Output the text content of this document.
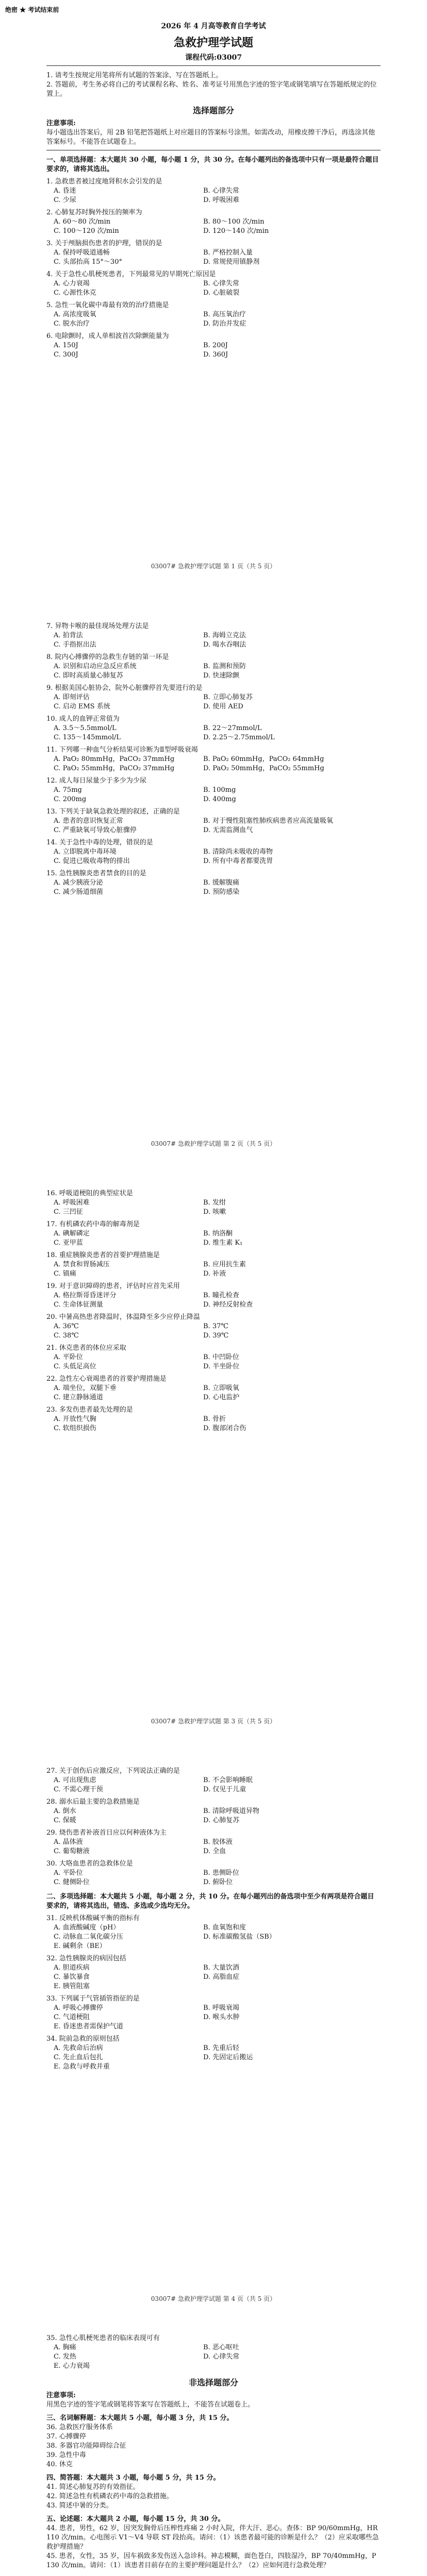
绝密 ★ 考试结束前
2026 年 4 月高等教育自学考试
急救护理学试题
课程代码:03007

1. 请考生按规定用笔将所有试题的答案涂、写在答题纸上。

2. 答题前，考生务必将自己的考试课程名称、姓名、准考证号用黑色字迹的签字笔或钢笔填写在答题纸规定的位置上。

选择题部分

注意事项:

每小题选出答案后，用 2B 铅笔把答题纸上对应题目的答案标号涂黑。如需改动，用橡皮擦干净后，再选涂其他答案标号。不能答在试题卷上。

一、单项选择题：本大题共 30 小题，每小题 1 分，共 30 分。在每小题列出的备选项中只有一项是最符合题目要求的，请将其选出。

1. 急救患者被过度地肾积水会引发的是

A. 昏迷	B. 心律失常
C. 少尿	D. 呼吸困难

2. 心肺复苏时胸外按压的频率为

A. 60～80 次/min	B. 80～100 次/min
C. 100～120 次/min	D. 120～140 次/min

3. 关于颅脑损伤患者的护理，错误的是

A. 保持呼吸道通畅	B. 严格控制入量
C. 头部抬高 15°～30°	D. 常规使用镇静剂

4. 关于急性心肌梗死患者，下列最常见的早期死亡原因是

A. 心力衰竭	B. 心律失常
C. 心源性休克	D. 心脏破裂

5. 急性一氧化碳中毒最有效的治疗措施是

A. 高浓度吸氧	B. 高压氧治疗
C. 脱水治疗	D. 防治并发症

6. 电除颤时，成人单相波首次除颤能量为

A. 150J	B. 200J
C. 300J	D. 360J
03007# 急救护理学试题 第 1 页（共 5 页）

7. 异物卡喉的最佳现场处理方法是

A. 拍背法	B. 海姆立克法
C. 手指抠出法	D. 喝水吞咽法

8. 院内心搏骤停的急救生存链的第一环是

A. 识别和启动应急反应系统	B. 监测和预防
C. 即时高质量心肺复苏	D. 快速除颤

9. 根据美国心脏协会，院外心脏骤停首先要进行的是

A. 即刻评估	B. 立即心肺复苏
C. 启动 EMS 系统	D. 使用 AED

10. 成人的血钾正常值为

A. 3.5～5.5mmol/L	B. 22～27mmol/L
C. 135～145mmol/L	D. 2.25～2.75mmol/L

11. 下列哪一种血气分析结果可诊断为Ⅱ型呼吸衰竭

A. PaO₂ 80mmHg，PaCO₂ 37mmHg	B. PaO₂ 60mmHg，PaCO₂ 64mmHg
C. PaO₂ 55mmHg，PaCO₂ 37mmHg	D. PaO₂ 50mmHg，PaCO₂ 55mmHg

12. 成人每日尿量少于多少为少尿

A. 75mg	B. 100mg
C. 200mg	D. 400mg

13. 下列关于缺氧急救处理的叙述，正确的是

A. 患者的意识恢复正常	B. 对于慢性阻塞性肺疾病患者应高流量吸氧
C. 严重缺氧可导致心脏骤停	D. 无需监测血气

14. 关于急性中毒的处理，错误的是

A. 立即脱离中毒环境	B. 清除尚未吸收的毒物
C. 促进已吸收毒物的排出	D. 所有中毒者都要洗胃

15. 急性胰腺炎患者禁食的目的是

A. 减少胰液分泌	B. 缓解腹痛
C. 减少肠道细菌	D. 预防感染
03007# 急救护理学试题 第 2 页（共 5 页）

16. 呼吸道梗阻的典型症状是

A. 呼吸困难	B. 发绀
C. 三凹征	D. 咳嗽

17. 有机磷农药中毒的解毒剂是

A. 碘解磷定	B. 纳洛酮
C. 亚甲蓝	D. 维生素 K₁

18. 重症胰腺炎患者的首要护理措施是

A. 禁食和胃肠减压	B. 应用抗生素
C. 镇痛	D. 补液

19. 对于意识障碍的患者，评估时应首先采用

A. 格拉斯哥昏迷评分	B. 瞳孔检查
C. 生命体征测量	D. 神经反射检查

20. 中暑高热患者降温时，体温降至多少应停止降温

A. 36℃	B. 37℃
C. 38℃	D. 39℃

21. 休克患者的体位应采取

A. 平卧位	B. 中凹卧位
C. 头低足高位	D. 半坐卧位

22. 急性左心衰竭患者的首要护理措施是

A. 端坐位，双腿下垂	B. 立即吸氧
C. 建立静脉通道	D. 心电监护

23. 多发伤患者最先处理的是

A. 开放性气胸	B. 骨折
C. 软组织损伤	D. 腹部闭合伤
03007# 急救护理学试题 第 3 页（共 5 页）

27. 关于创伤后应激反应，下列说法正确的是

A. 可出现焦虑	B. 不会影响睡眠
C. 不需心理干预	D. 仅见于儿童

28. 溺水后最主要的急救措施是

A. 倒水	B. 清除呼吸道异物
C. 保暖	D. 心肺复苏

29. 烧伤患者补液首日应以何种液体为主

A. 晶体液	B. 胶体液
C. 葡萄糖液	D. 全血

30. 大咯血患者的急救体位是

A. 平卧位	B. 患侧卧位
C. 健侧卧位	D. 俯卧位

二、多项选择题：本大题共 5 小题，每小题 2 分，共 10 分。在每小题列出的备选项中至少有两项是符合题目要求的，请将其选出，错选、多选或少选均无分。

31. 反映机体酸碱平衡的指标有

A. 血液酸碱度（pH）	B. 血氧饱和度
C. 动脉血二氧化碳分压	D. 标准碳酸氢盐（SB）
E. 碱剩余（BE）

32. 急性胰腺炎的病因包括

A. 胆道疾病	B. 大量饮酒
C. 暴饮暴食	D. 高脂血症
E. 胰管阻塞

33. 下列属于气管插管指征的是

A. 呼吸心搏骤停	B. 呼吸衰竭
C. 气道梗阻	D. 喉头水肿
E. 昏迷患者需保护气道

34. 院前急救的原则包括

A. 先救命后治病	B. 先重后轻
C. 先止血后包扎	D. 先固定后搬运
E. 急救与呼救并重
03007# 急救护理学试题 第 4 页（共 5 页）

35. 急性心肌梗死患者的临床表现可有

A. 胸痛	B. 恶心呕吐
C. 发热	D. 心律失常
E. 心力衰竭
非选择题部分

注意事项:

用黑色字迹的签字笔或钢笔将答案写在答题纸上，不能答在试题卷上。

三、名词解释题：本大题共 5 小题，每小题 3 分，共 15 分。

36. 急救医疗服务体系

37. 心搏骤停

38. 多器官功能障碍综合征

39. 急性中毒

40. 休克

四、简答题：本大题共 3 小题，每小题 5 分，共 15 分。

41. 简述心肺复苏的有效指征。

42. 简述急性有机磷农药中毒的急救措施。

43. 简述中暑的分类。

五、论述题：本大题共 2 小题，每小题 15 分，共 30 分。

44. 患者，男性，62 岁，因突发胸骨后压榨性疼痛 2 小时入院，伴大汗、恶心。查体：BP 90/60mmHg，HR 110 次/min。心电图示 V1～V4 导联 ST 段抬高。请问：（1）该患者最可能的诊断是什么？（2）应采取哪些急救护理措施？

45. 患者，女性，35 岁，因车祸致多发伤送入急诊科。神志模糊，面色苍白，四肢湿冷，BP 70/40mmHg，P 130 次/min。请问：（1）该患者目前存在的主要护理问题是什么？（2）应如何进行急救处理？
